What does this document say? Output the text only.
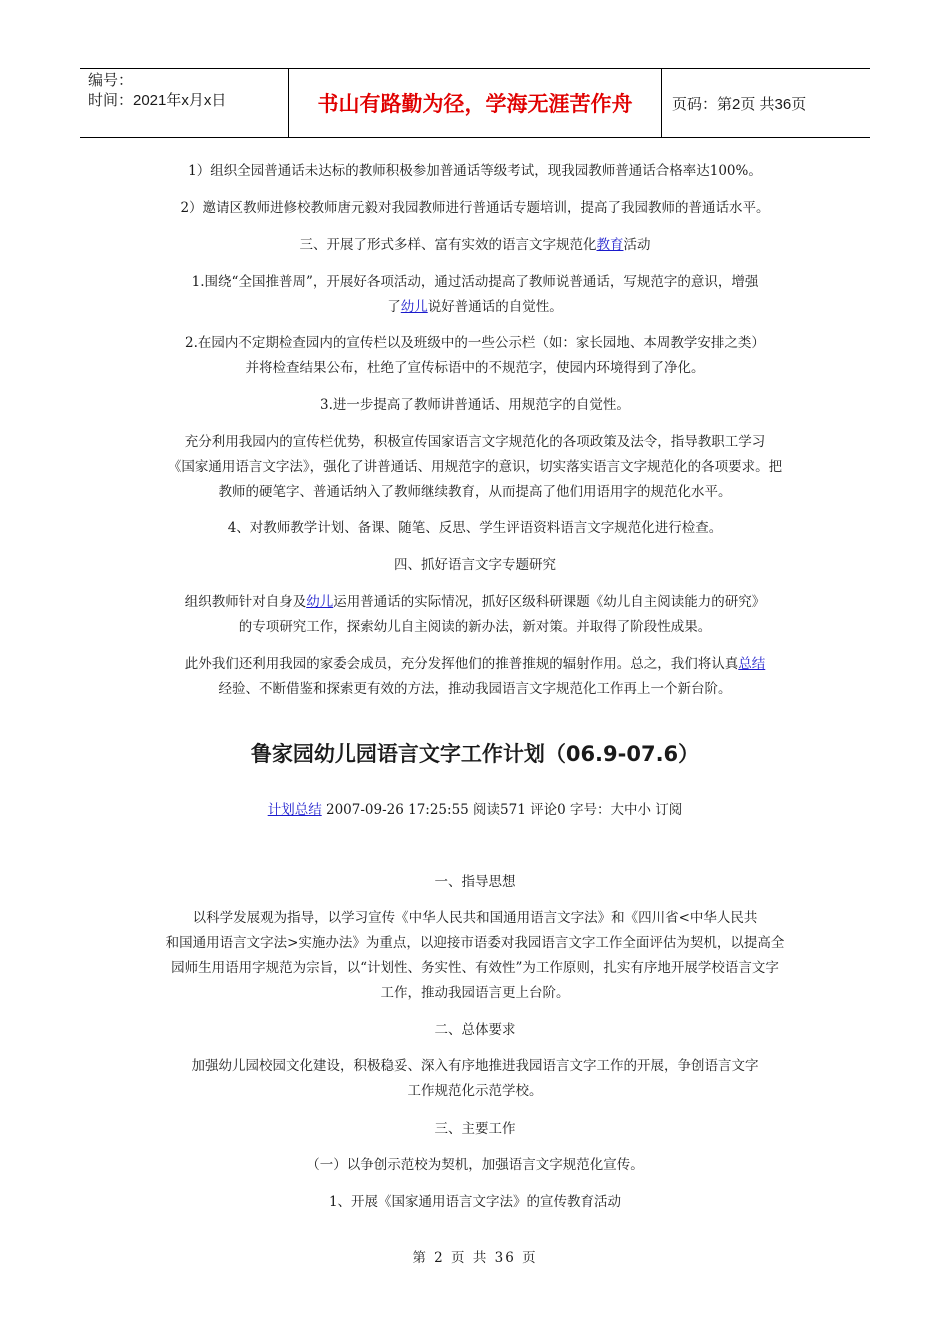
编号：
时间：2021年x月x日	书山有路勤为径，学海无涯苦作舟	页码：第2页 共36页
1）组织全园普通话未达标的教师积极参加普通话等级考试，现我园教师普通话合格率达100%。
2）邀请区教师进修校教师唐元毅对我园教师进行普通话专题培训，提高了我园教师的普通话水平。
三、开展了形式多样、富有实效的语言文字规范化教育活动
1.围绕“全国推普周”，开展好各项活动，通过活动提高了教师说普通话，写规范字的意识，增强
了幼儿说好普通话的自觉性。
2.在园内不定期检查园内的宣传栏以及班级中的一些公示栏（如：家长园地、本周教学安排之类）
并将检查结果公布，杜绝了宣传标语中的不规范字，使园内环境得到了净化。
3.进一步提高了教师讲普通话、用规范字的自觉性。
充分利用我园内的宣传栏优势，积极宣传国家语言文字规范化的各项政策及法令，指导教职工学习
《国家通用语言文字法》，强化了讲普通话、用规范字的意识，切实落实语言文字规范化的各项要求。把
教师的硬笔字、普通话纳入了教师继续教育，从而提高了他们用语用字的规范化水平。
4、对教师教学计划、备课、随笔、反思、学生评语资料语言文字规范化进行检查。
四、抓好语言文字专题研究
组织教师针对自身及幼儿运用普通话的实际情况，抓好区级科研课题《幼儿自主阅读能力的研究》
的专项研究工作，探索幼儿自主阅读的新办法，新对策。并取得了阶段性成果。
此外我们还利用我园的家委会成员，充分发挥他们的推普推规的辐射作用。总之，我们将认真总结
经验、不断借鉴和探索更有效的方法，推动我园语言文字规范化工作再上一个新台阶。
鲁家园幼儿园语言文字工作计划（06.9-07.6）
计划总结 2007-09-26 17:25:55 阅读571 评论0 字号：大中小 订阅
一、指导思想
以科学发展观为指导，以学习宣传《中华人民共和国通用语言文字法》和《四川省<中华人民共
和国通用语言文字法>实施办法》为重点，以迎接市语委对我园语言文字工作全面评估为契机，以提高全
园师生用语用字规范为宗旨，以“计划性、务实性、有效性”为工作原则，扎实有序地开展学校语言文字
工作，推动我园语言更上台阶。
二、总体要求
加强幼儿园校园文化建设，积极稳妥、深入有序地推进我园语言文字工作的开展，争创语言文字
工作规范化示范学校。
三、主要工作
（一）以争创示范校为契机，加强语言文字规范化宣传。
1、开展《国家通用语言文字法》的宣传教育活动
第 2 页 共 36 页
